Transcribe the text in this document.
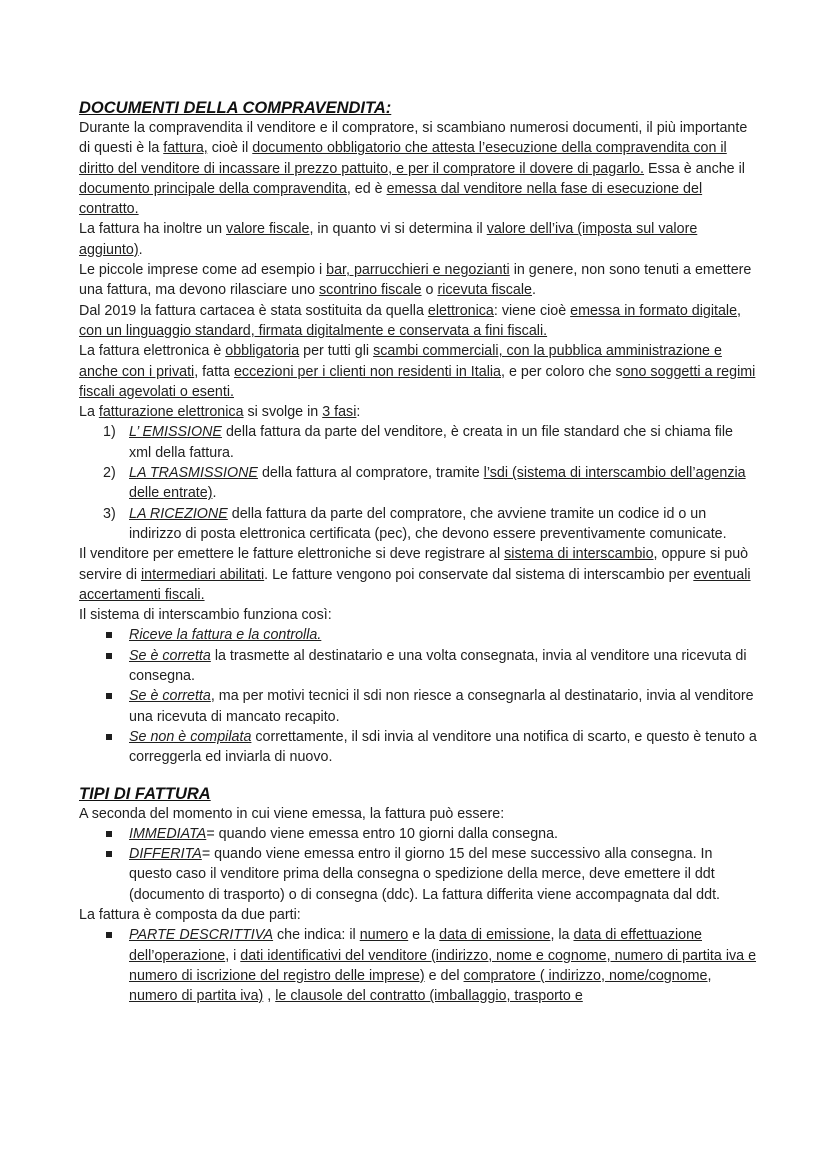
DOCUMENTI DELLA COMPRAVENDITA:

Durante la compravendita il venditore e il compratore, si scambiano numerosi documenti, il più importante di questi è la fattura, cioè il documento obbligatorio che attesta l’esecuzione della compravendita con il diritto del venditore di incassare il prezzo pattuito, e per il compratore il dovere di pagarlo. Essa è anche il documento principale della compravendita, ed è emessa dal venditore nella fase di esecuzione del contratto.

La fattura ha inoltre un valore fiscale, in quanto vi si determina il valore dell’iva (imposta sul valore aggiunto).

Le piccole imprese come ad esempio i bar, parrucchieri e negozianti in genere, non sono tenuti a emettere una fattura, ma devono rilasciare uno scontrino fiscale o ricevuta fiscale.

Dal 2019 la fattura cartacea è stata sostituita da quella elettronica: viene cioè emessa in formato digitale, con un linguaggio standard, firmata digitalmente e conservata a fini fiscali.

La fattura elettronica è obbligatoria per tutti gli scambi commerciali, con la pubblica amministrazione e anche con i privati, fatta eccezioni per i clienti non residenti in Italia, e per coloro che sono soggetti a regimi fiscali agevolati o esenti.

La fatturazione elettronica si svolge in 3 fasi:

1) L’ EMISSIONE della fattura da parte del venditore, è creata in un file standard che si chiama file xml della fattura.
2) LA TRASMISSIONE della fattura al compratore, tramite l’sdi (sistema di interscambio dell’agenzia delle entrate).
3) LA RICEZIONE della fattura da parte del compratore, che avviene tramite un codice id o un indirizzo di posta elettronica certificata (pec), che devono essere preventivamente comunicate.

Il venditore per emettere le fatture elettroniche si deve registrare al sistema di interscambio, oppure si può servire di intermediari abilitati. Le fatture vengono poi conservate dal sistema di interscambio per eventuali accertamenti fiscali.

Il sistema di interscambio funziona così:

Riceve la fattura e la controlla.
Se è corretta la trasmette al destinatario e una volta consegnata, invia al venditore una ricevuta di consegna.
Se è corretta, ma per motivi tecnici il sdi non riesce a consegnarla al destinatario, invia al venditore una ricevuta di mancato recapito.
Se non è compilata correttamente, il sdi invia al venditore una notifica di scarto, e questo è tenuto a correggerla ed inviarla di nuovo.
TIPI DI FATTURA

A seconda del momento in cui viene emessa, la fattura può essere:

IMMEDIATA= quando viene emessa entro 10 giorni dalla consegna.
DIFFERITA= quando viene emessa entro il giorno 15 del mese successivo alla consegna. In questo caso il venditore prima della consegna o spedizione della merce, deve emettere il ddt (documento di trasporto) o di consegna (ddc). La fattura differita viene accompagnata dal ddt.

La fattura è composta da due parti:

PARTE DESCRITTIVA che indica: il numero e la data di emissione, la data di effettuazione dell’operazione, i dati identificativi del venditore (indirizzo, nome e cognome, numero di partita iva e numero di iscrizione del registro delle imprese) e del compratore ( indirizzo, nome/cognome, numero di partita iva) , le clausole del contratto (imballaggio, trasporto e
